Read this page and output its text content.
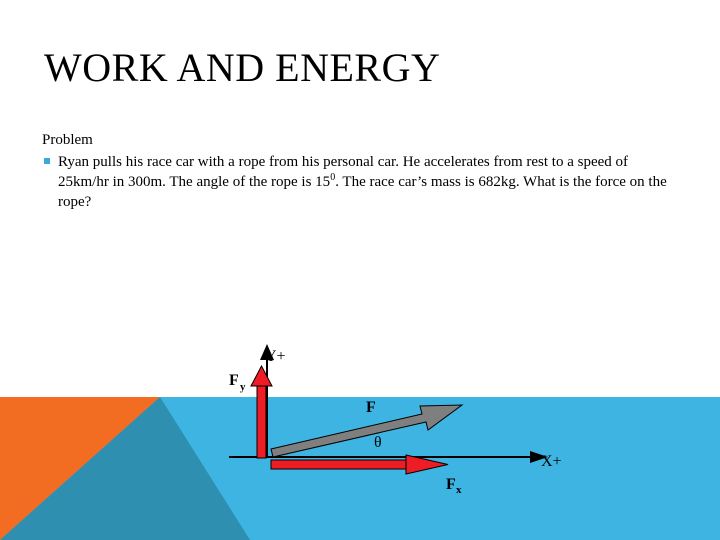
WORK AND ENERGY
Problem
Ryan pulls his race car with a rope from his personal car. He accelerates from rest to a speed of 25km/hr in 300m. The angle of the rope is $15^0$. The race car’s mass is 682kg. What is the force on the rope?
Y+
X+
F y
F
θ
F x
